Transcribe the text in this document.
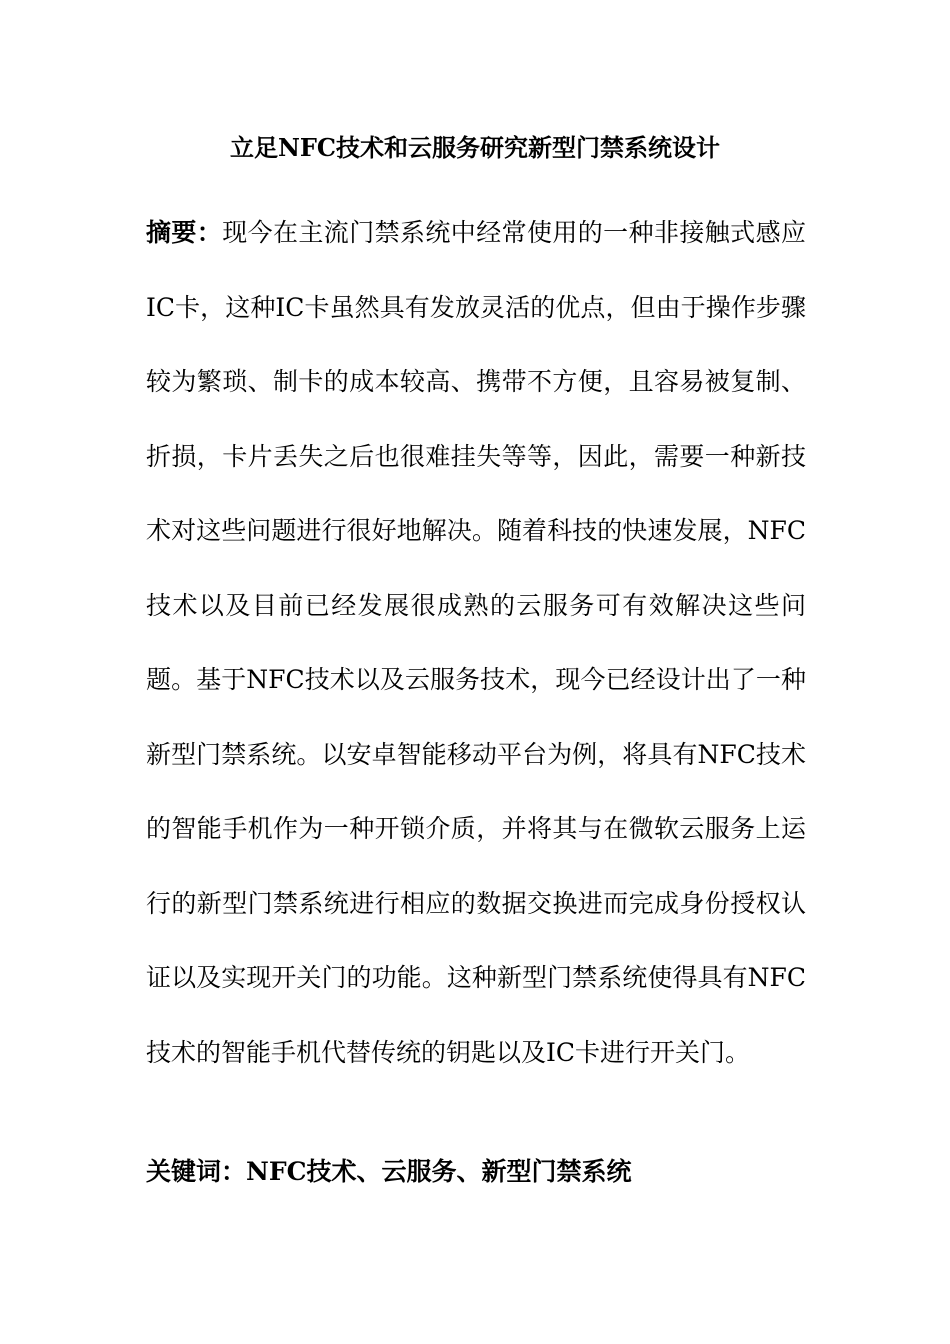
立足NFC技术和云服务研究新型门禁系统设计
摘要：现今在主流门禁系统中经常使用的一种非接触式感应IC卡，这种IC卡虽然具有发放灵活的优点，但由于操作步骤较为繁琐、制卡的成本较高、携带不方便，且容易被复制、折损，卡片丢失之后也很难挂失等等，因此，需要一种新技术对这些问题进行很好地解决。随着科技的快速发展，NFC技术以及目前已经发展很成熟的云服务可有效解决这些问题。基于NFC技术以及云服务技术，现今已经设计出了一种新型门禁系统。以安卓智能移动平台为例，将具有NFC技术的智能手机作为一种开锁介质，并将其与在微软云服务上运行的新型门禁系统进行相应的数据交换进而完成身份授权认证以及实现开关门的功能。这种新型门禁系统使得具有NFC技术的智能手机代替传统的钥匙以及IC卡进行开关门。
关键词：NFC技术、云服务、新型门禁系统
